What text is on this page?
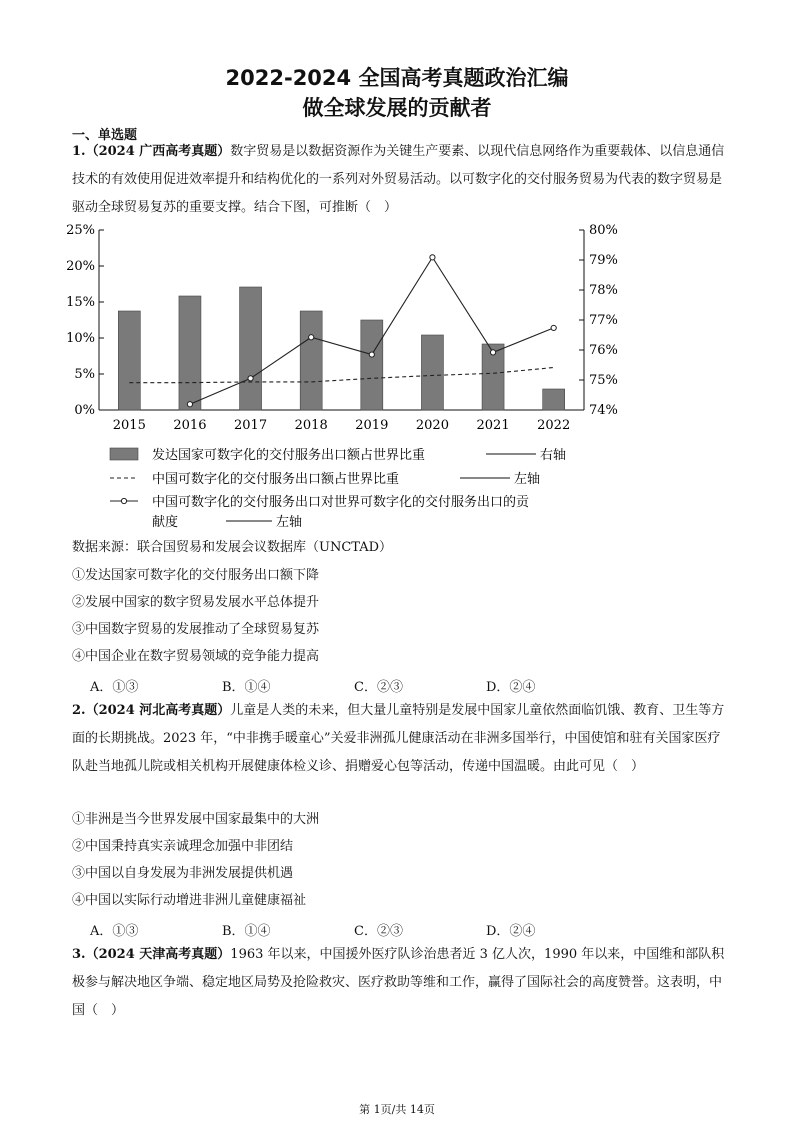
2022-2024 全国高考真题政治汇编
做全球发展的贡献者
一、单选题
1.（2024 广西高考真题）数字贸易是以数据资源作为关键生产要素、以现代信息网络作为重要载体、以信息通信技术的有效使用促进效率提升和结构优化的一系列对外贸易活动。以可数字化的交付服务贸易为代表的数字贸易是驱动全球贸易复苏的重要支撑。结合下图，可推断（　）
0%
5%
10%
15%
20%
25%
74%
75%
76%
77%
78%
79%
80%
2015 2016 2017 2018 2019 2020 2021 2022
发达国家可数字化的交付服务出口额占世界比重	右轴
中国可数字化的交付服务出口额占世界比重	左轴
中国可数字化的交付服务出口对世界可数字化的交付服务出口的贡献度	左轴
数据来源：联合国贸易和发展会议数据库（UNCTAD）
①发达国家可数字化的交付服务出口额下降
②发展中国家的数字贸易发展水平总体提升
③中国数字贸易的发展推动了全球贸易复苏
④中国企业在数字贸易领域的竞争能力提高
A．①③	B．①④	C．②③	D．②④
2.（2024 河北高考真题）儿童是人类的未来，但大量儿童特别是发展中国家儿童依然面临饥饿、教育、卫生等方面的长期挑战。2023 年，“中非携手暖童心”关爱非洲孤儿健康活动在非洲多国举行，中国使馆和驻有关国家医疗队赴当地孤儿院或相关机构开展健康体检义诊、捐赠爱心包等活动，传递中国温暖。由此可见（　）
①非洲是当今世界发展中国家最集中的大洲
②中国秉持真实亲诚理念加强中非团结
③中国以自身发展为非洲发展提供机遇
④中国以实际行动增进非洲儿童健康福祉
A．①③	B．①④	C．②③	D．②④
3.（2024 天津高考真题）1963 年以来，中国援外医疗队诊治患者近 3 亿人次，1990 年以来，中国维和部队积极参与解决地区争端、稳定地区局势及抢险救灾、医疗救助等维和工作，赢得了国际社会的高度赞誉。这表明，中国（　）
第 1页/共 14页
